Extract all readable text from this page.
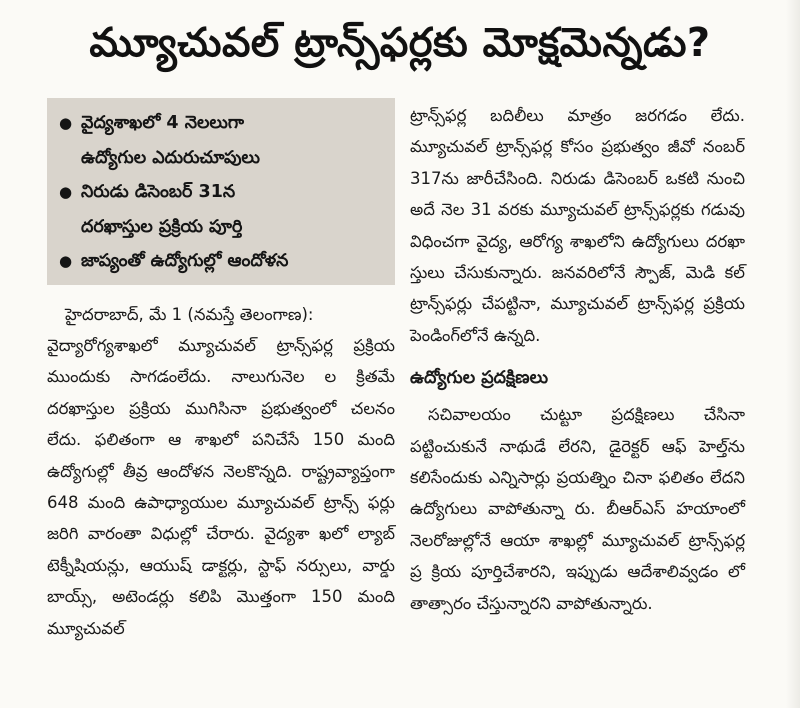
మ్యూచువల్ ట్రాన్స్‌ఫర్లకు మోక్షమెన్నడు?
● వైద్యశాఖలో 4 నెలలుగా
ఉద్యోగుల ఎదురుచూపులు
● నిరుడు డిసెంబర్ 31న
దరఖాస్తుల ప్రక్రియ పూర్తి
● జాప్యంతో ఉద్యోగుల్లో ఆందోళన
హైదరాబాద్, మే 1 (నమస్తే తెలంగాణ):
వైద్యారోగ్యశాఖలో మ్యూచువల్ ట్రాన్స్‌ఫర్ల ప్రక్రియ ముందుకు సాగడంలేదు. నాలుగునెల ల క్రితమే దరఖాస్తుల ప్రక్రియ ముగిసినా ప్రభుత్వంలో చలనం లేదు. ఫలితంగా ఆ శాఖలో పనిచేసే 150 మంది ఉద్యోగుల్లో తీవ్ర ఆందోళన నెలకొన్నది. రాష్ట్రవ్యాప్తంగా 648 మంది ఉపాధ్యాయుల మ్యూచువల్ ట్రాన్స్ ఫర్లు జరిగి వారంతా విధుల్లో చేరారు. వైద్యశా ఖలో ల్యాబ్ టెక్నీషియన్లు, ఆయుష్ డాక్టర్లు, స్టాఫ్ నర్సులు, వార్డు బాయ్స్, అటెండర్లు కలిపి మొత్తంగా 150 మంది మ్యూచువల్
ట్రాన్స్‌ఫర్ల బదిలీలు మాత్రం జరగడం లేదు. మ్యూచువల్ ట్రాన్స్‌ఫర్ల కోసం ప్రభుత్వం జీవో నంబర్ 317ను జారీచేసింది. నిరుడు డిసెంబర్ ఒకటి నుంచి అదే నెల 31 వరకు మ్యూచువల్ ట్రాన్స్‌ఫర్లకు గడువు విధించగా వైద్య, ఆరోగ్య శాఖలోని ఉద్యోగులు దరఖా స్తులు చేసుకున్నారు. జనవరిలోనే స్పౌజ్, మెడి కల్ ట్రాన్స్‌ఫర్లు చేపట్టినా, మ్యూచువల్ ట్రాన్స్‌ఫర్ల ప్రక్రియ పెండింగ్‌లోనే ఉన్నది.
ఉద్యోగుల ప్రదక్షిణలు
సచివాలయం చుట్టూ ప్రదక్షిణలు చేసినా పట్టించుకునే నాథుడే లేరని, డైరెక్టర్ ఆఫ్ హెల్త్‌ను కలిసేందుకు ఎన్నిసార్లు ప్రయత్నిం చినా ఫలితం లేదని ఉద్యోగులు వాపోతున్నా రు. బీఆర్‌ఎస్ హయాంలో నెలరోజుల్లోనే ఆయా శాఖల్లో మ్యూచువల్ ట్రాన్స్‌ఫర్ల ప్ర క్రియ పూర్తిచేశారని, ఇప్పుడు ఆదేశాలివ్వడం లో తాత్సారం చేస్తున్నారని వాపోతున్నారు.
